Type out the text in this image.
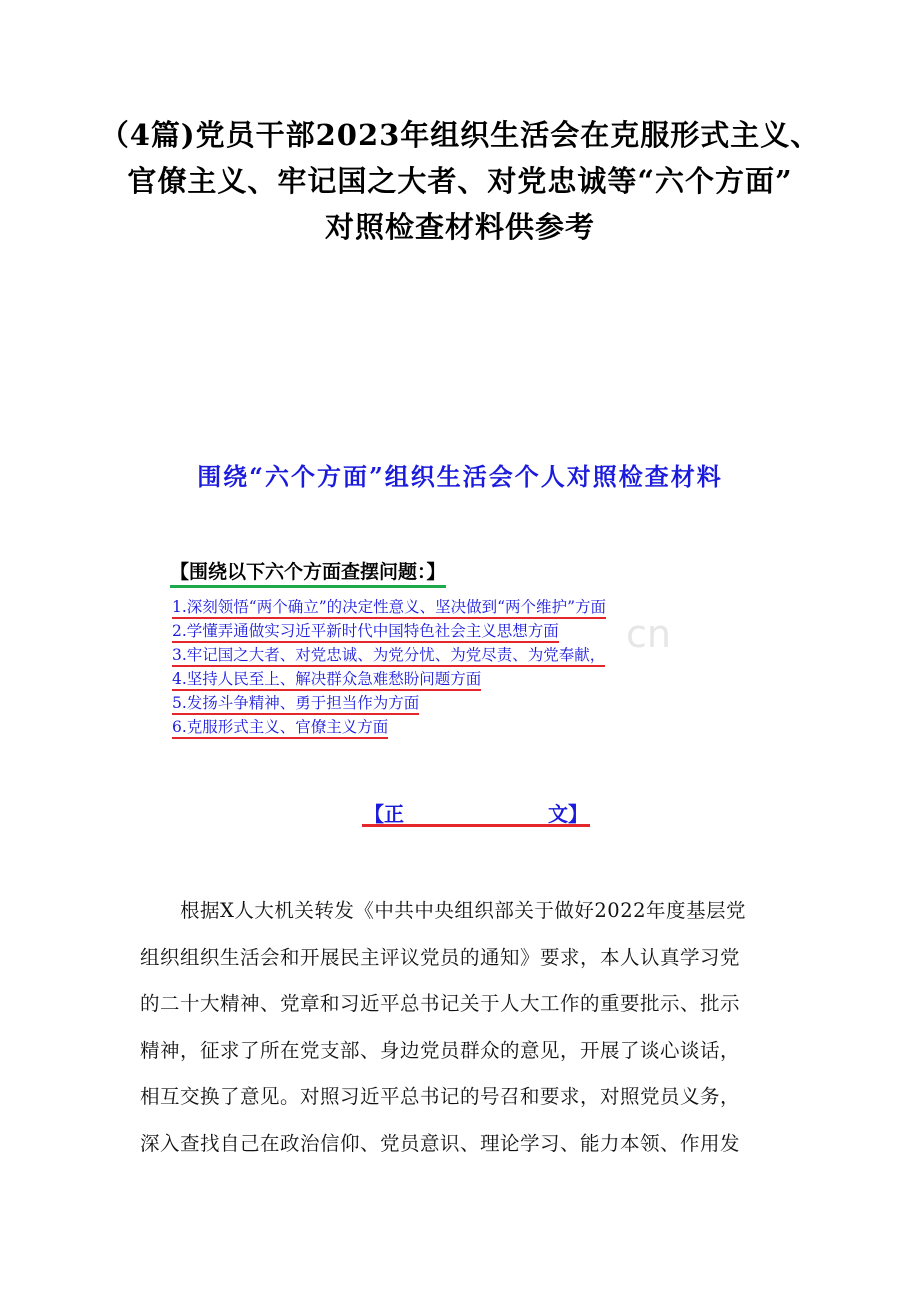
cn
（4篇)党员干部2023年组织生活会在克服形式主义、
官僚主义、牢记国之大者、对党忠诚等“六个方面”
对照检查材料供参考
围绕“六个方面”组织生活会个人对照检查材料
【围绕以下六个方面查摆问题：】
1.深刻领悟“两个确立”的决定性意义、坚决做到“两个维护”方面
2.学懂弄通做实习近平新时代中国特色社会主义思想方面
3.牢记国之大者、对党忠诚、为党分忧、为党尽责、为党奉献，
4.坚持人民至上、解决群众急难愁盼问题方面
5.发扬斗争精神、勇于担当作为方面
6.克服形式主义、官僚主义方面
【正	文】
　　根据X人大机关转发《中共中央组织部关于做好2022年度基层党
组织组织生活会和开展民主评议党员的通知》要求，本人认真学习党
的二十大精神、党章和习近平总书记关于人大工作的重要批示、批示
精神，征求了所在党支部、身边党员群众的意见，开展了谈心谈话，
相互交换了意见。对照习近平总书记的号召和要求，对照党员义务，
深入查找自己在政治信仰、党员意识、理论学习、能力本领、作用发
